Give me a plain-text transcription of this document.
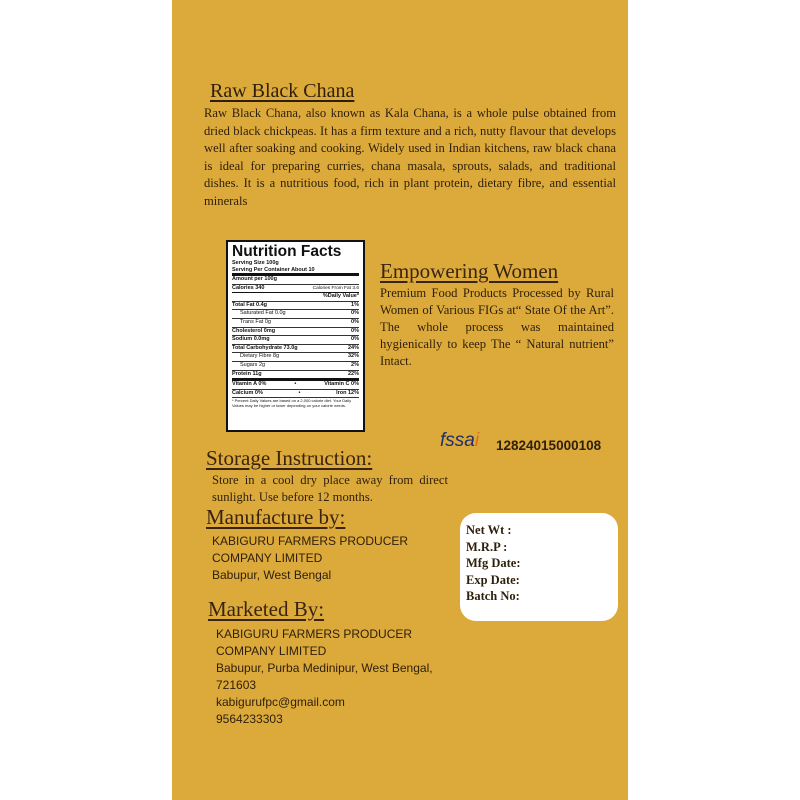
Raw Black Chana
Raw Black Chana, also known as Kala Chana, is a whole pulse obtained from dried black chickpeas. It has a firm texture and a rich, nutty flavour that develops well after soaking and cooking. Widely used in Indian kitchens, raw black chana is ideal for preparing curries, chana masala, sprouts, salads, and traditional dishes. It is a nutritious food, rich in plant protein, dietary fibre, and essential minerals
Nutrition Facts
Serving Size 100g
Serving Per Container About 10
Amount per 100g
Calories 340	Calories From Fat 3.6
%Daily Value*
Total Fat 0.4g	1%
Saturated Fat 0.0g	0%
Trans Fat 0g	0%
Cholesterol 0mg	0%
Sodium 0.0mg	0%
Total Carbohydrate 73.0g	24%
Dietary Fibre 8g	32%
Sugars 2g	2%
Protein 11g	22%
Vitamin A 0%	•	Vitamin C 0%
Calcium 0%	•	Iron 12%
* Percent Daily Values are based on a 2,000 calorie diet. Your Daily Values may be higher or lower depending on your calorie needs.
Empowering Women
Premium Food Products Processed by Rural Women of Various FIGs at“ State Of the Art”. The whole process was maintained hygienically to keep The “ Natural nutrient” Intact.
fssai 12824015000108
Storage Instruction:
Store in a cool dry place away from direct sunlight. Use before 12 months.
Manufacture by:
KABIGURU FARMERS PRODUCER
COMPANY LIMITED
Babupur, West Bengal
Marketed By:
KABIGURU FARMERS PRODUCER
COMPANY LIMITED
Babupur, Purba Medinipur, West Bengal,
721603
kabigurufpc@gmail.com
9564233303
Net Wt :
M.R.P :
Mfg Date:
Exp Date:
Batch No:
